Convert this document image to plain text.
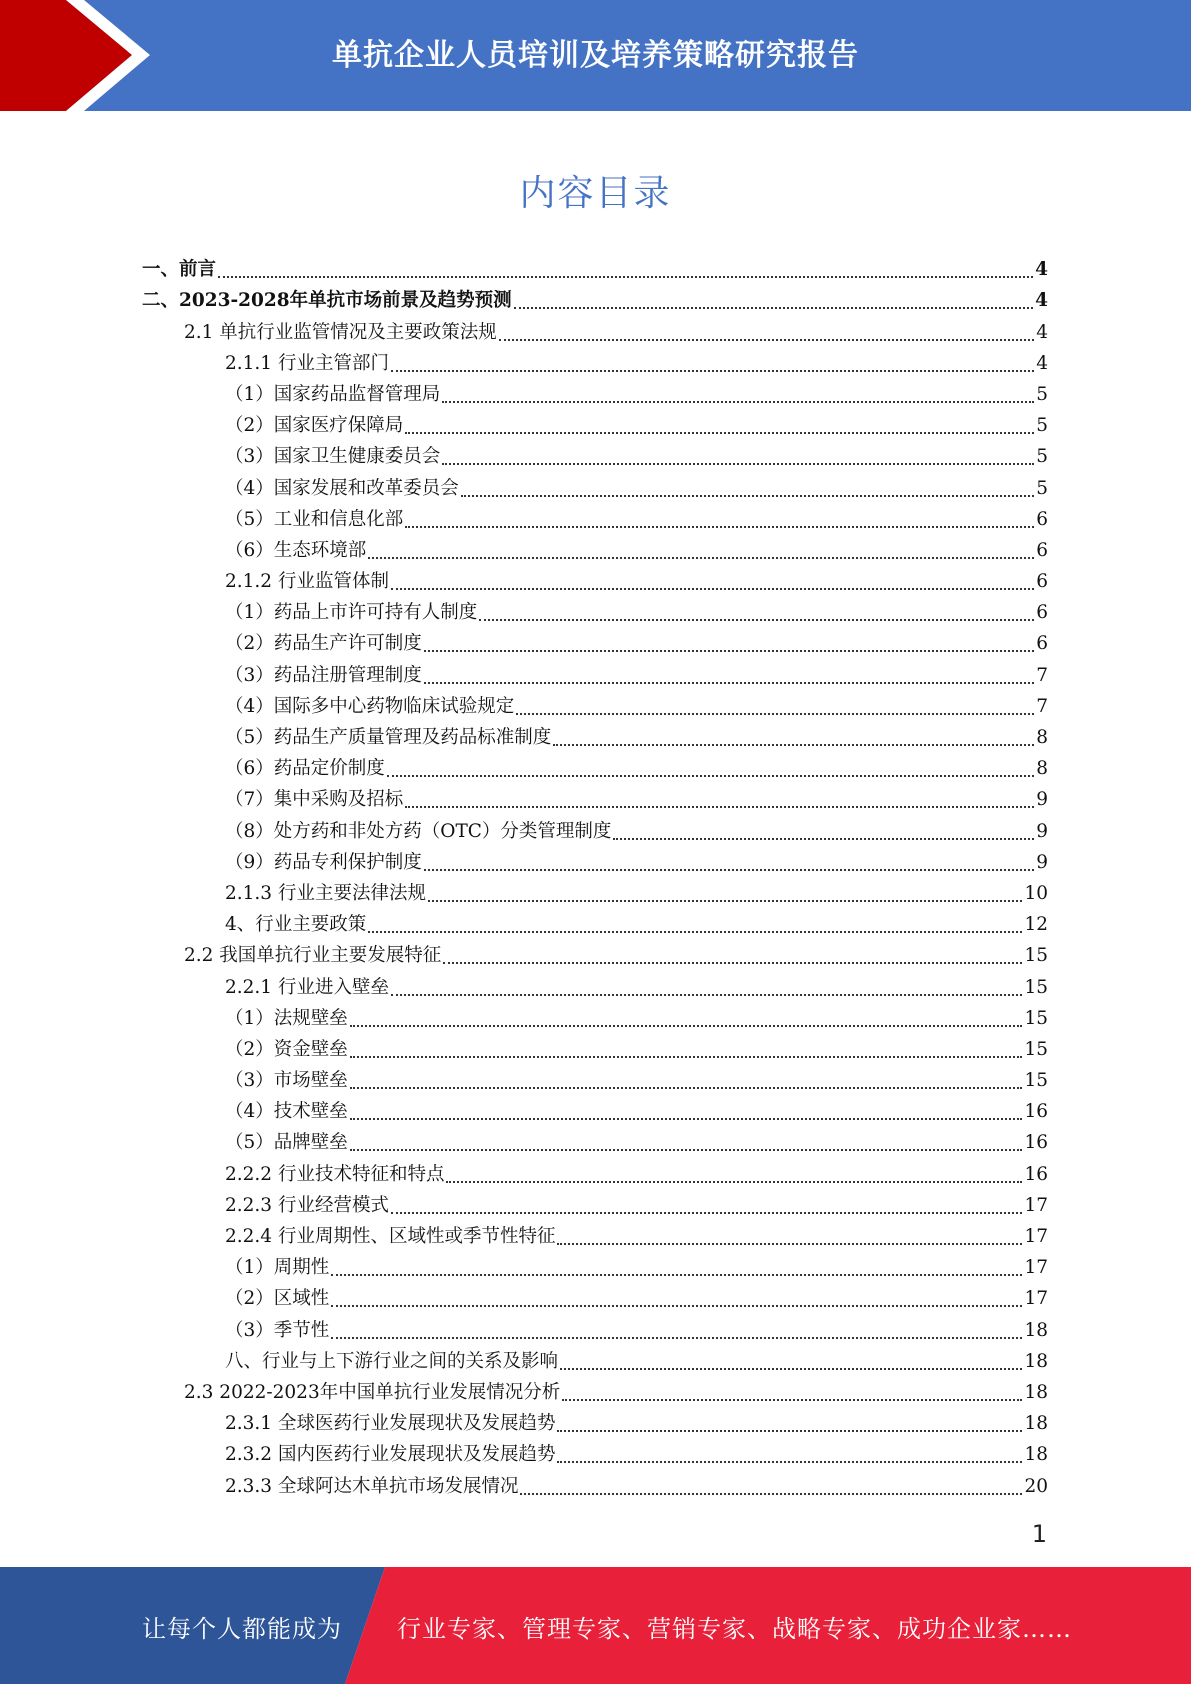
单抗企业人员培训及培养策略研究报告
内容目录
一、前言	4
二、2023-2028年单抗市场前景及趋势预测	4
2.1 单抗行业监管情况及主要政策法规	4
2.1.1 行业主管部门	4
（1）国家药品监督管理局	5
（2）国家医疗保障局	5
（3）国家卫生健康委员会	5
（4）国家发展和改革委员会	5
（5）工业和信息化部	6
（6）生态环境部	6
2.1.2 行业监管体制	6
（1）药品上市许可持有人制度	6
（2）药品生产许可制度	6
（3）药品注册管理制度	7
（4）国际多中心药物临床试验规定	7
（5）药品生产质量管理及药品标准制度	8
（6）药品定价制度	8
（7）集中采购及招标	9
（8）处方药和非处方药（OTC）分类管理制度	9
（9）药品专利保护制度	9
2.1.3 行业主要法律法规	10
4、行业主要政策	12
2.2 我国单抗行业主要发展特征	15
2.2.1 行业进入壁垒	15
（1）法规壁垒	15
（2）资金壁垒	15
（3）市场壁垒	15
（4）技术壁垒	16
（5）品牌壁垒	16
2.2.2 行业技术特征和特点	16
2.2.3 行业经营模式	17
2.2.4 行业周期性、区域性或季节性特征	17
（1）周期性	17
（2）区域性	17
（3）季节性	18
八、行业与上下游行业之间的关系及影响	18
2.3 2022-2023年中国单抗行业发展情况分析	18
2.3.1 全球医药行业发展现状及发展趋势	18
2.3.2 国内医药行业发展现状及发展趋势	18
2.3.3 全球阿达木单抗市场发展情况	20
1
让每个人都能成为 行业专家、管理专家、营销专家、战略专家、成功企业家……
